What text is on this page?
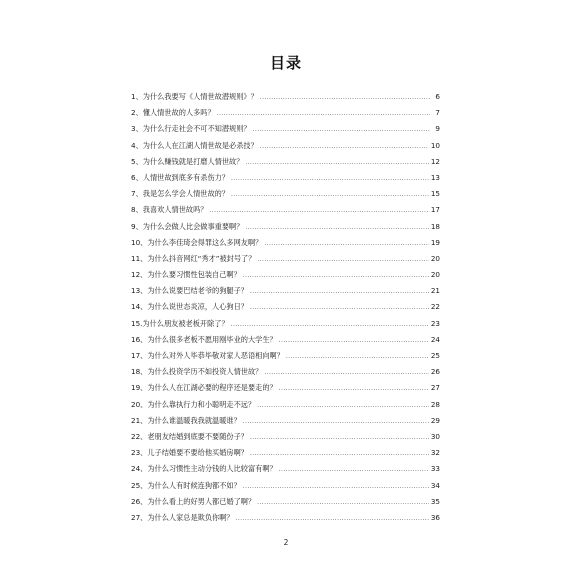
目录
1、为什么我要写《人情世故潜规则》？ .....	6
2、懂人情世故的人多吗？ .....	7
3、为什么行走社会不可不知潜规则？ .....	9
4、为什么人在江湖人情世故是必杀技？ .....	10
5、为什么赚钱就是打磨人情世故？ .....	12
6、人情世故到底多有杀伤力？ .....	13
7、我是怎么学会人情世故的？ .....	15
8、我喜欢人情世故吗？ .....	17
9、为什么会做人比会做事重要啊？ .....	18
10、为什么李佳琦会得罪这么多网友啊？ .....	19
11、为什么抖音网红“秀才”被封号了？ .....	20
12、为什么要习惯性包装自己啊？ .....	20
13、为什么说要巴结老爷的狗腿子？ .....	21
14、为什么说世态炎凉，人心狗日？ .....	22
15.为什么朋友被老板开除了？ .....	23
16、为什么很多老板不愿用刚毕业的大学生？ .....	24
17、为什么对外人毕恭毕敬对家人恶语相向啊？ .....	25
18、为什么投资学历不如投资人情世故？ .....	26
19、为什么人在江湖必要的程序还是要走的？ .....	27
20、为什么靠执行力和小聪明走不远？ .....	28
21、为什么谁温暖我我就温暖谁？ .....	29
22、老朋友结婚到底要不要随份子？ .....	30
23、儿子结婚要不要给他买婚房啊？ .....	32
24、为什么习惯性主动分钱的人比较富有啊？ .....	33
25、为什么人有时候连狗都不如？ .....	34
26、为什么看上的好男人都已婚了啊？ .....	35
27、为什么人家总是欺负你啊？ .....	36
2
